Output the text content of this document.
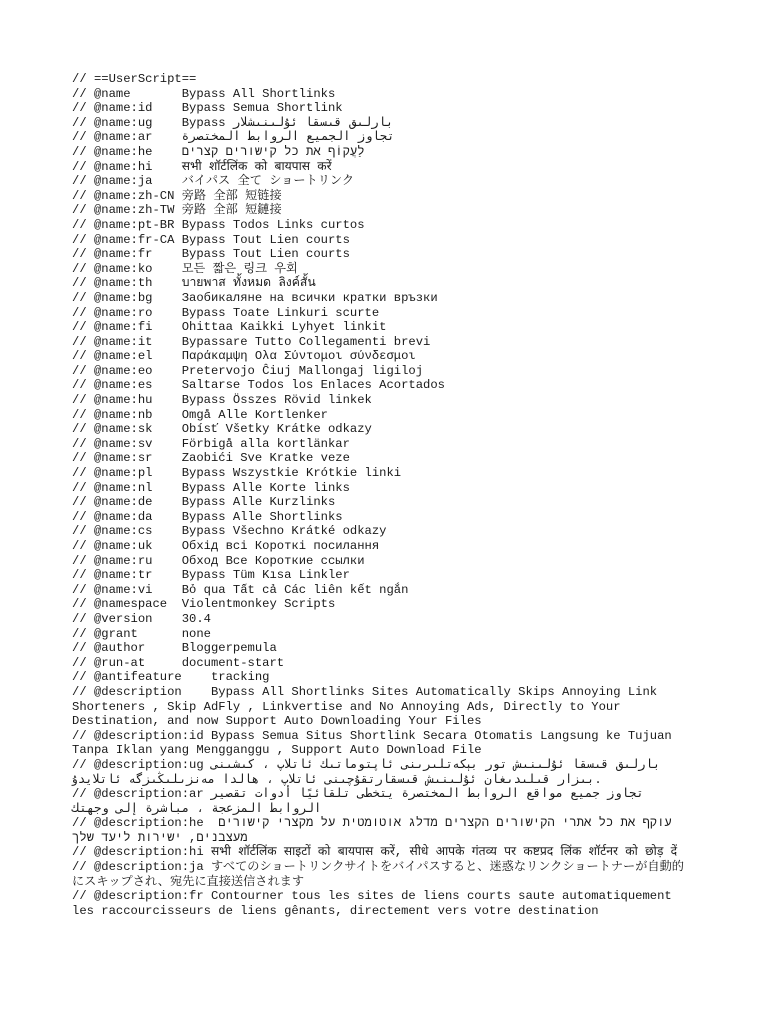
// ==UserScript==
// @name       Bypass All Shortlinks
// @name:id    Bypass Semua Shortlink
// @name:ug    Bypass بارلىق قىسقا ئۇلىنىشلار
// @name:ar    تجاوز الجميع الروابط المختصرة
// @name:he    לַעֲקוֹף את כל קישורים קצרים
// @name:hi    सभी शॉर्टलिंक को बायपास करें
// @name:ja    バイパス 全て ショートリンク
// @name:zh-CN 旁路 全部 短链接
// @name:zh-TW 旁路 全部 短鏈接
// @name:pt-BR Bypass Todos Links curtos
// @name:fr-CA Bypass Tout Lien courts
// @name:fr    Bypass Tout Lien courts
// @name:ko    모든 짧은 링크 우회
// @name:th    บายพาส ทั้งหมด ลิงค์สั้น
// @name:bg    Заобикаляне на всички кратки връзки
// @name:ro    Bypass Toate Linkuri scurte
// @name:fi    Ohittaa Kaikki Lyhyet linkit
// @name:it    Bypassare Tutto Collegamenti brevi
// @name:el    Παράκαμψη Ολα Σύντομοι σύνδεσμοι
// @name:eo    Pretervojo Ĉiuj Mallongaj ligiloj
// @name:es    Saltarse Todos los Enlaces Acortados
// @name:hu    Bypass Összes Rövid linkek
// @name:nb    Omgå Alle Kortlenker
// @name:sk    Obísť Všetky Krátke odkazy
// @name:sv    Förbigå alla kortlänkar
// @name:sr    Zaobići Sve Kratke veze
// @name:pl    Bypass Wszystkie Krótkie linki
// @name:nl    Bypass Alle Korte links
// @name:de    Bypass Alle Kurzlinks
// @name:da    Bypass Alle Shortlinks
// @name:cs    Bypass Všechno Krátké odkazy
// @name:uk    Обхід всі Короткі посилання
// @name:ru    Обход Все Короткие ссылки
// @name:tr    Bypass Tüm Kısa Linkler
// @name:vi    Bỏ qua Tất cả Các liên kết ngắn
// @namespace  Violentmonkey Scripts
// @version    30.4
// @grant      none
// @author     Bloggerpemula
// @run-at     document-start
// @antifeature    tracking
// @description    Bypass All Shortlinks Sites Automatically Skips Annoying Link Shorteners , Skip AdFly , Linkvertise and No Annoying Ads, Directly to Your Destination, and now Support Auto Downloading Your Files
// @description:id Bypass Semua Situs Shortlink Secara Otomatis Langsung ke Tujuan Tanpa Iklan yang Mengganggu , Support Auto Download File
// @description:ug بارلىق قىسقا ئۇلىنىش تور بېكەتلىرىنى ئاپتوماتىك ئاتلاپ ، كىشىنى بىزار قىلىدىغان ئۇلىنىش قىسقارتقۇچىنى ئاتلاپ ، ھالدا مەنزىلىڭىزگە ئاتلايدۇ.
// @description:ar تجاوز جميع مواقع الروابط المختصرة يتخطى تلقائيًا أدوات تقصير الروابط المزعجة ، مباشرة إلى وجهتك
// @description:he  עוקף את כל אתרי הקישורים הקצרים מדלג אוטומטית על מקצרי קישורים מעצבנים, ישירות ליעד שלך
// @description:hi सभी शॉर्टलिंक साइटों को बायपास करें, सीधे आपके गंतव्य पर कष्टप्रद लिंक शॉर्टनर को छोड़ दें
// @description:ja すべてのショートリンクサイトをバイパスすると、迷惑なリンクショートナーが自動的にスキップされ、宛先に直接送信されます
// @description:fr Contourner tous les sites de liens courts saute automatiquement les raccourcisseurs de liens gênants, directement vers votre destination
